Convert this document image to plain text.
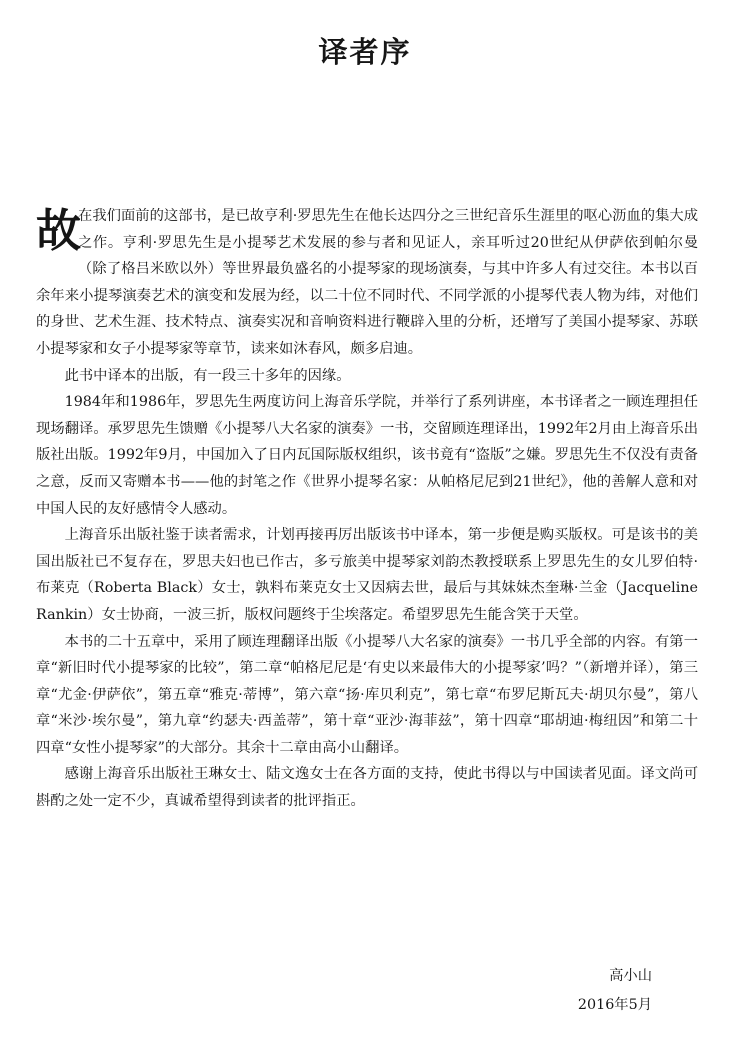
译者序

故
在我们面前的这部书，是已故亨利·罗思先生在他长达四分之三世纪音乐生涯里的呕心沥血的集大成之作。亨利·罗思先生是小提琴艺术发展的参与者和见证人，亲耳听过20世纪从伊萨依到帕尔曼（除了格吕米欧以外）等世界最负盛名的小提琴家的现场演奏，与其中许多人有过交往。本书以百余年来小提琴演奏艺术的演变和发展为经，以二十位不同时代、不同学派的小提琴代表人物为纬，对他们的身世、艺术生涯、技术特点、演奏实况和音响资料进行鞭辟入里的分析，还增写了美国小提琴家、苏联小提琴家和女子小提琴家等章节，读来如沐春风，颇多启迪。

此书中译本的出版，有一段三十多年的因缘。

1984年和1986年，罗思先生两度访问上海音乐学院，并举行了系列讲座，本书译者之一顾连理担任现场翻译。承罗思先生馈赠《小提琴八大名家的演奏》一书，交留顾连理译出，1992年2月由上海音乐出版社出版。1992年9月，中国加入了日内瓦国际版权组织，该书竟有“盗版”之嫌。罗思先生不仅没有责备之意，反而又寄赠本书——他的封笔之作《世界小提琴名家：从帕格尼尼到21世纪》，他的善解人意和对中国人民的友好感情令人感动。

上海音乐出版社鉴于读者需求，计划再接再厉出版该书中译本，第一步便是购买版权。可是该书的美国出版社已不复存在，罗思夫妇也已作古，多亏旅美中提琴家刘韵杰教授联系上罗思先生的女儿罗伯特·布莱克（Roberta Black）女士，孰料布莱克女士又因病去世，最后与其妹妹杰奎琳·兰金（Jacqueline Rankin）女士协商，一波三折，版权问题终于尘埃落定。希望罗思先生能含笑于天堂。

本书的二十五章中，采用了顾连理翻译出版《小提琴八大名家的演奏》一书几乎全部的内容。有第一章“新旧时代小提琴家的比较”，第二章“帕格尼尼是‘有史以来最伟大的小提琴家’吗？”（新增并译），第三章“尤金·伊萨依”，第五章“雅克·蒂博”，第六章“扬·库贝利克”，第七章“布罗尼斯瓦夫·胡贝尔曼”，第八章“米沙·埃尔曼”，第九章“约瑟夫·西盖蒂”，第十章“亚沙·海菲兹”，第十四章“耶胡迪·梅纽因”和第二十四章“女性小提琴家”的大部分。其余十二章由高小山翻译。

感谢上海音乐出版社王琳女士、陆文逸女士在各方面的支持，使此书得以与中国读者见面。译文尚可斟酌之处一定不少，真诚希望得到读者的批评指正。

高小山
2016年5月
